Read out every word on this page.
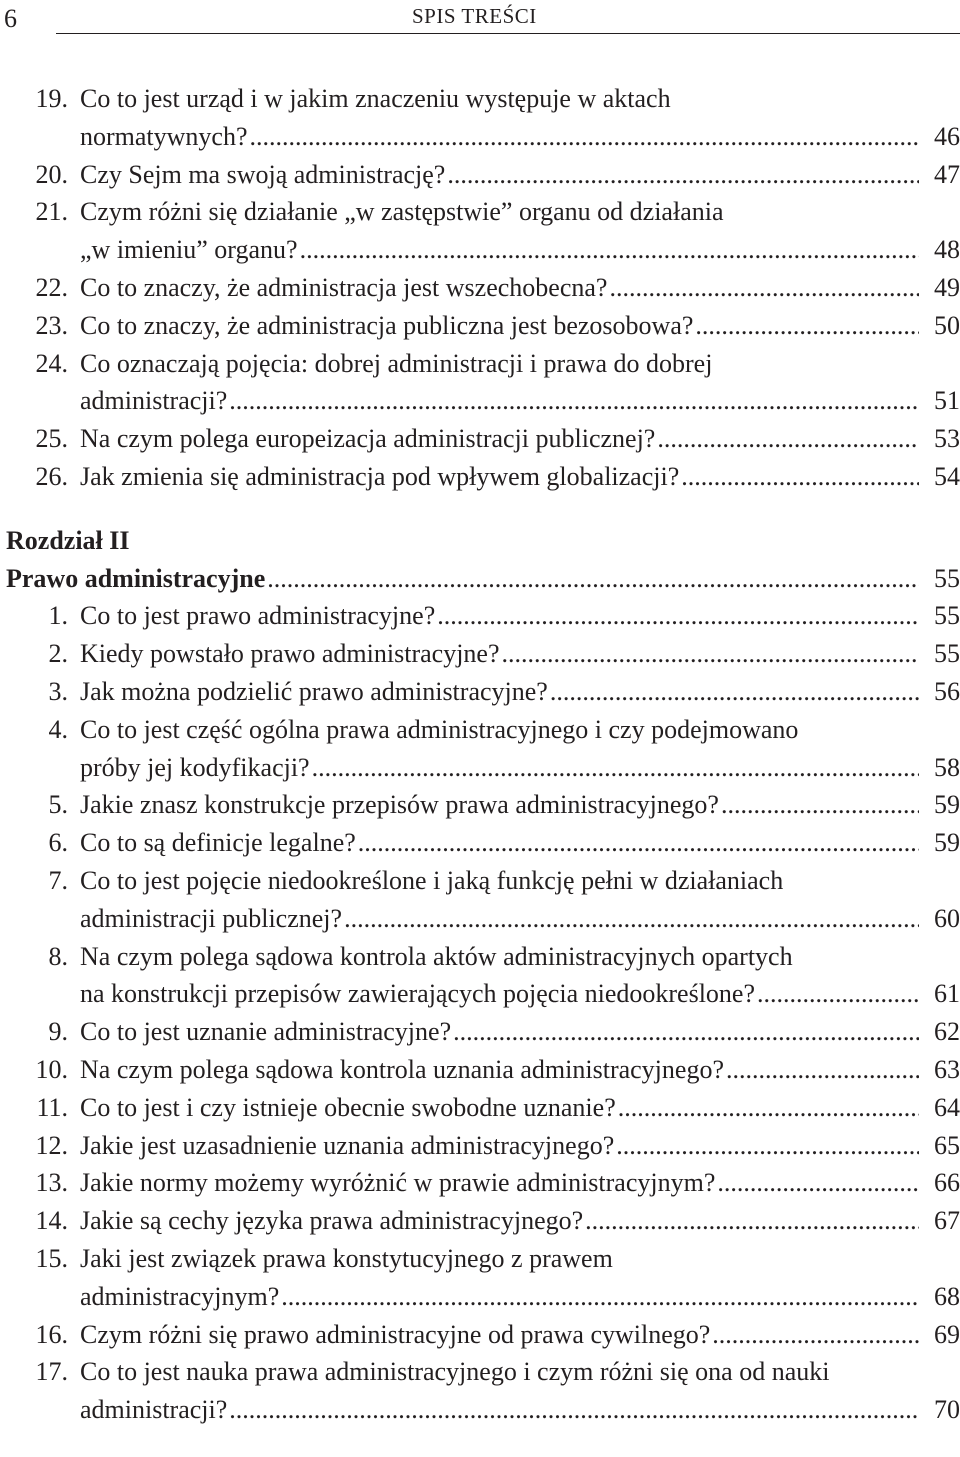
6	SPIS TREŚCI
19. Co to jest urząd i w jakim znaczeniu występuje w aktach
normatywnych? .....	46
20. Czy Sejm ma swoją administrację? .....	47
21. Czym różni się działanie „w zastępstwie” organu od działania
„w imieniu” organu? .....	48
22. Co to znaczy, że administracja jest wszechobecna? .....	49
23. Co to znaczy, że administracja publiczna jest bezosobowa? .....	50
24. Co oznaczają pojęcia: dobrej administracji i prawa do dobrej
administracji? .....	51
25. Na czym polega europeizacja administracji publicznej? .....	53
26. Jak zmienia się administracja pod wpływem globalizacji? .....	54
Rozdział II
Prawo administracyjne .....	55
1. Co to jest prawo administracyjne? .....	55
2. Kiedy powstało prawo administracyjne? .....	55
3. Jak można podzielić prawo administracyjne? .....	56
4. Co to jest część ogólna prawa administracyjnego i czy podejmowano
próby jej kodyfikacji? .....	58
5. Jakie znasz konstrukcje przepisów prawa administracyjnego? .....	59
6. Co to są definicje legalne? .....	59
7. Co to jest pojęcie niedookreślone i jaką funkcję pełni w działaniach
administracji publicznej? .....	60
8. Na czym polega sądowa kontrola aktów administracyjnych opartych
na konstrukcji przepisów zawierających pojęcia niedookreślone? .....	61
9. Co to jest uznanie administracyjne? .....	62
10. Na czym polega sądowa kontrola uznania administracyjnego? .....	63
11. Co to jest i czy istnieje obecnie swobodne uznanie? .....	64
12. Jakie jest uzasadnienie uznania administracyjnego? .....	65
13. Jakie normy możemy wyróżnić w prawie administracyjnym? .....	66
14. Jakie są cechy języka prawa administracyjnego? .....	67
15. Jaki jest związek prawa konstytucyjnego z prawem
administracyjnym? .....	68
16. Czym różni się prawo administracyjne od prawa cywilnego? .....	69
17. Co to jest nauka prawa administracyjnego i czym różni się ona od nauki
administracji? .....	70
